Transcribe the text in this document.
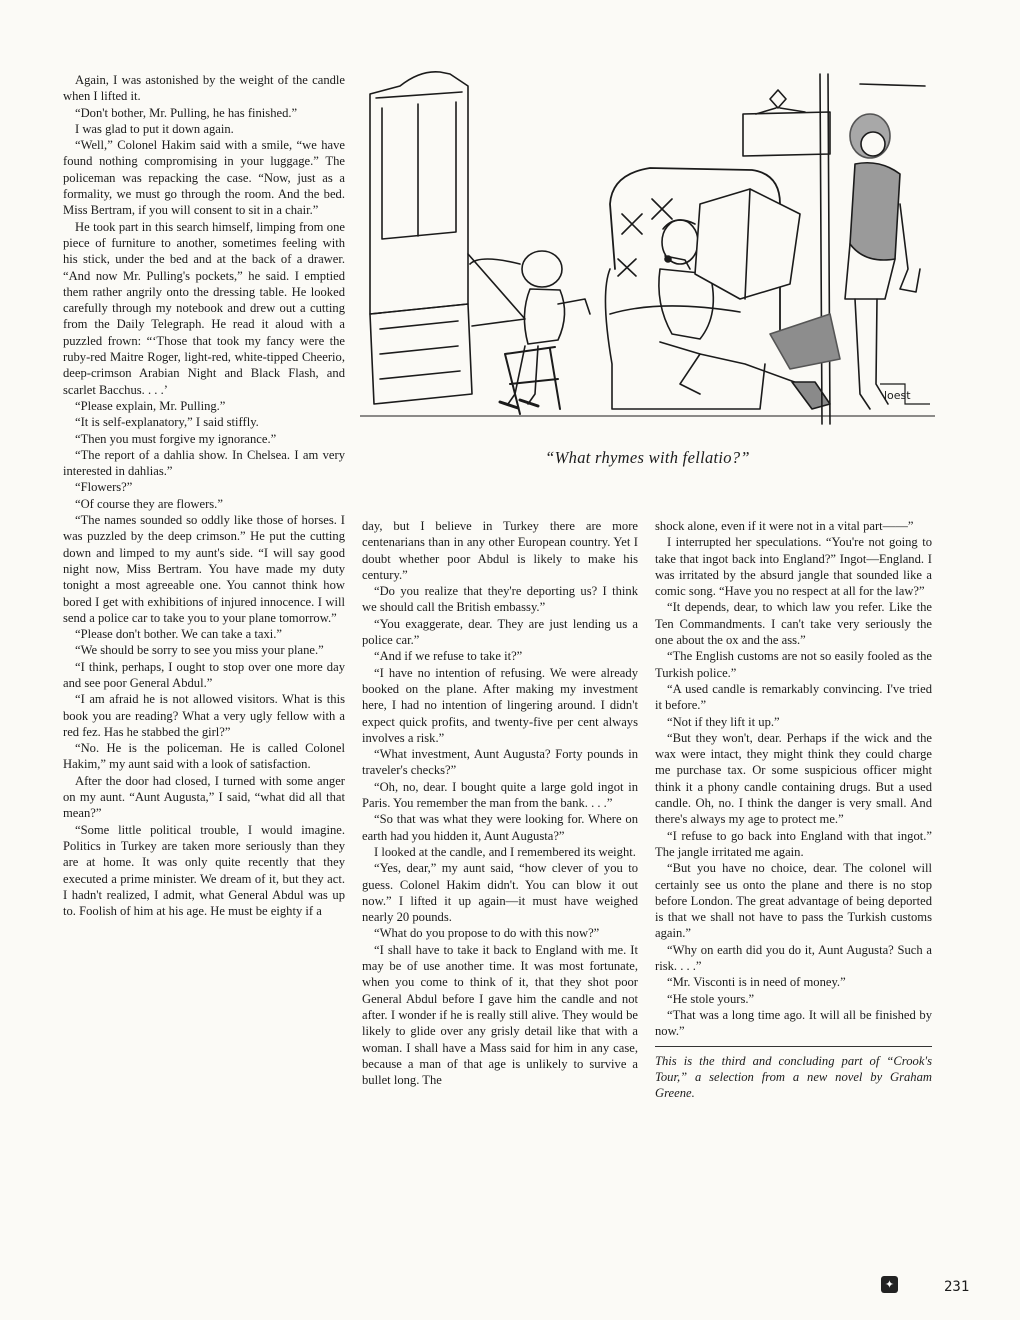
Again, I was astonished by the weight of the candle when I lifted it.

“Don't bother, Mr. Pulling, he has finished.”

I was glad to put it down again.

“Well,” Colonel Hakim said with a smile, “we have found nothing compromising in your luggage.” The policeman was repacking the case. “Now, just as a formality, we must go through the room. And the bed. Miss Bertram, if you will consent to sit in a chair.”

He took part in this search himself, limping from one piece of furniture to another, sometimes feeling with his stick, under the bed and at the back of a drawer. “And now Mr. Pulling's pockets,” he said. I emptied them rather angrily onto the dressing table. He looked carefully through my notebook and drew out a cutting from the Daily Telegraph. He read it aloud with a puzzled frown: “‘Those that took my fancy were the ruby-red Maitre Roger, light-red, white-tipped Cheerio, deep-crimson Arabian Night and Black Flash, and scarlet Bacchus. . . .’

“Please explain, Mr. Pulling.”

“It is self-explanatory,” I said stiffly.

“Then you must forgive my ignorance.”

“The report of a dahlia show. In Chelsea. I am very interested in dahlias.”

“Flowers?”

“Of course they are flowers.”

“The names sounded so oddly like those of horses. I was puzzled by the deep crimson.” He put the cutting down and limped to my aunt's side. “I will say good night now, Miss Bertram. You have made my duty tonight a most agreeable one. You cannot think how bored I get with exhibitions of injured innocence. I will send a police car to take you to your plane tomorrow.”

“Please don't bother. We can take a taxi.”

“We should be sorry to see you miss your plane.”

“I think, perhaps, I ought to stop over one more day and see poor General Abdul.”

“I am afraid he is not allowed visitors. What is this book you are reading? What a very ugly fellow with a red fez. Has he stabbed the girl?”

“No. He is the policeman. He is called Colonel Hakim,” my aunt said with a look of satisfaction.

After the door had closed, I turned with some anger on my aunt. “Aunt Augusta,” I said, “what did all that mean?”

“Some little political trouble, I would imagine. Politics in Turkey are taken more seriously than they are at home. It was only quite recently that they executed a prime minister. We dream of it, but they act. I hadn't realized, I admit, what General Abdul was up to. Foolish of him at his age. He must be eighty if a

loest
“What rhymes with fellatio?”

day, but I believe in Turkey there are more centenarians than in any other European country. Yet I doubt whether poor Abdul is likely to make his century.”

“Do you realize that they're deporting us? I think we should call the British embassy.”

“You exaggerate, dear. They are just lending us a police car.”

“And if we refuse to take it?”

“I have no intention of refusing. We were already booked on the plane. After making my investment here, I had no intention of lingering around. I didn't expect quick profits, and twenty-five per cent always involves a risk.”

“What investment, Aunt Augusta? Forty pounds in traveler's checks?”

“Oh, no, dear. I bought quite a large gold ingot in Paris. You remember the man from the bank. . . .”

“So that was what they were looking for. Where on earth had you hidden it, Aunt Augusta?”

I looked at the candle, and I remembered its weight.

“Yes, dear,” my aunt said, “how clever of you to guess. Colonel Hakim didn't. You can blow it out now.” I lifted it up again—it must have weighed nearly 20 pounds.

“What do you propose to do with this now?”

“I shall have to take it back to England with me. It may be of use another time. It was most fortunate, when you come to think of it, that they shot poor General Abdul before I gave him the candle and not after. I wonder if he is really still alive. They would be likely to glide over any grisly detail like that with a woman. I shall have a Mass said for him in any case, because a man of that age is unlikely to survive a bullet long. The

shock alone, even if it were not in a vital part——”

I interrupted her speculations. “You're not going to take that ingot back into England?” Ingot—England. I was irritated by the absurd jangle that sounded like a comic song. “Have you no respect at all for the law?”

“It depends, dear, to which law you refer. Like the Ten Commandments. I can't take very seriously the one about the ox and the ass.”

“The English customs are not so easily fooled as the Turkish police.”

“A used candle is remarkably convincing. I've tried it before.”

“Not if they lift it up.”

“But they won't, dear. Perhaps if the wick and the wax were intact, they might think they could charge me purchase tax. Or some suspicious officer might think it a phony candle containing drugs. But a used candle. Oh, no. I think the danger is very small. And there's always my age to protect me.”

“I refuse to go back into England with that ingot.” The jangle irritated me again.

“But you have no choice, dear. The colonel will certainly see us onto the plane and there is no stop before London. The great advantage of being deported is that we shall not have to pass the Turkish customs again.”

“Why on earth did you do it, Aunt Augusta? Such a risk. . . .”

“Mr. Visconti is in need of money.”

“He stole yours.”

“That was a long time ago. It will all be finished by now.”

This is the third and concluding part of “Crook's Tour,” a selection from a new novel by Graham Greene.

✦	231
